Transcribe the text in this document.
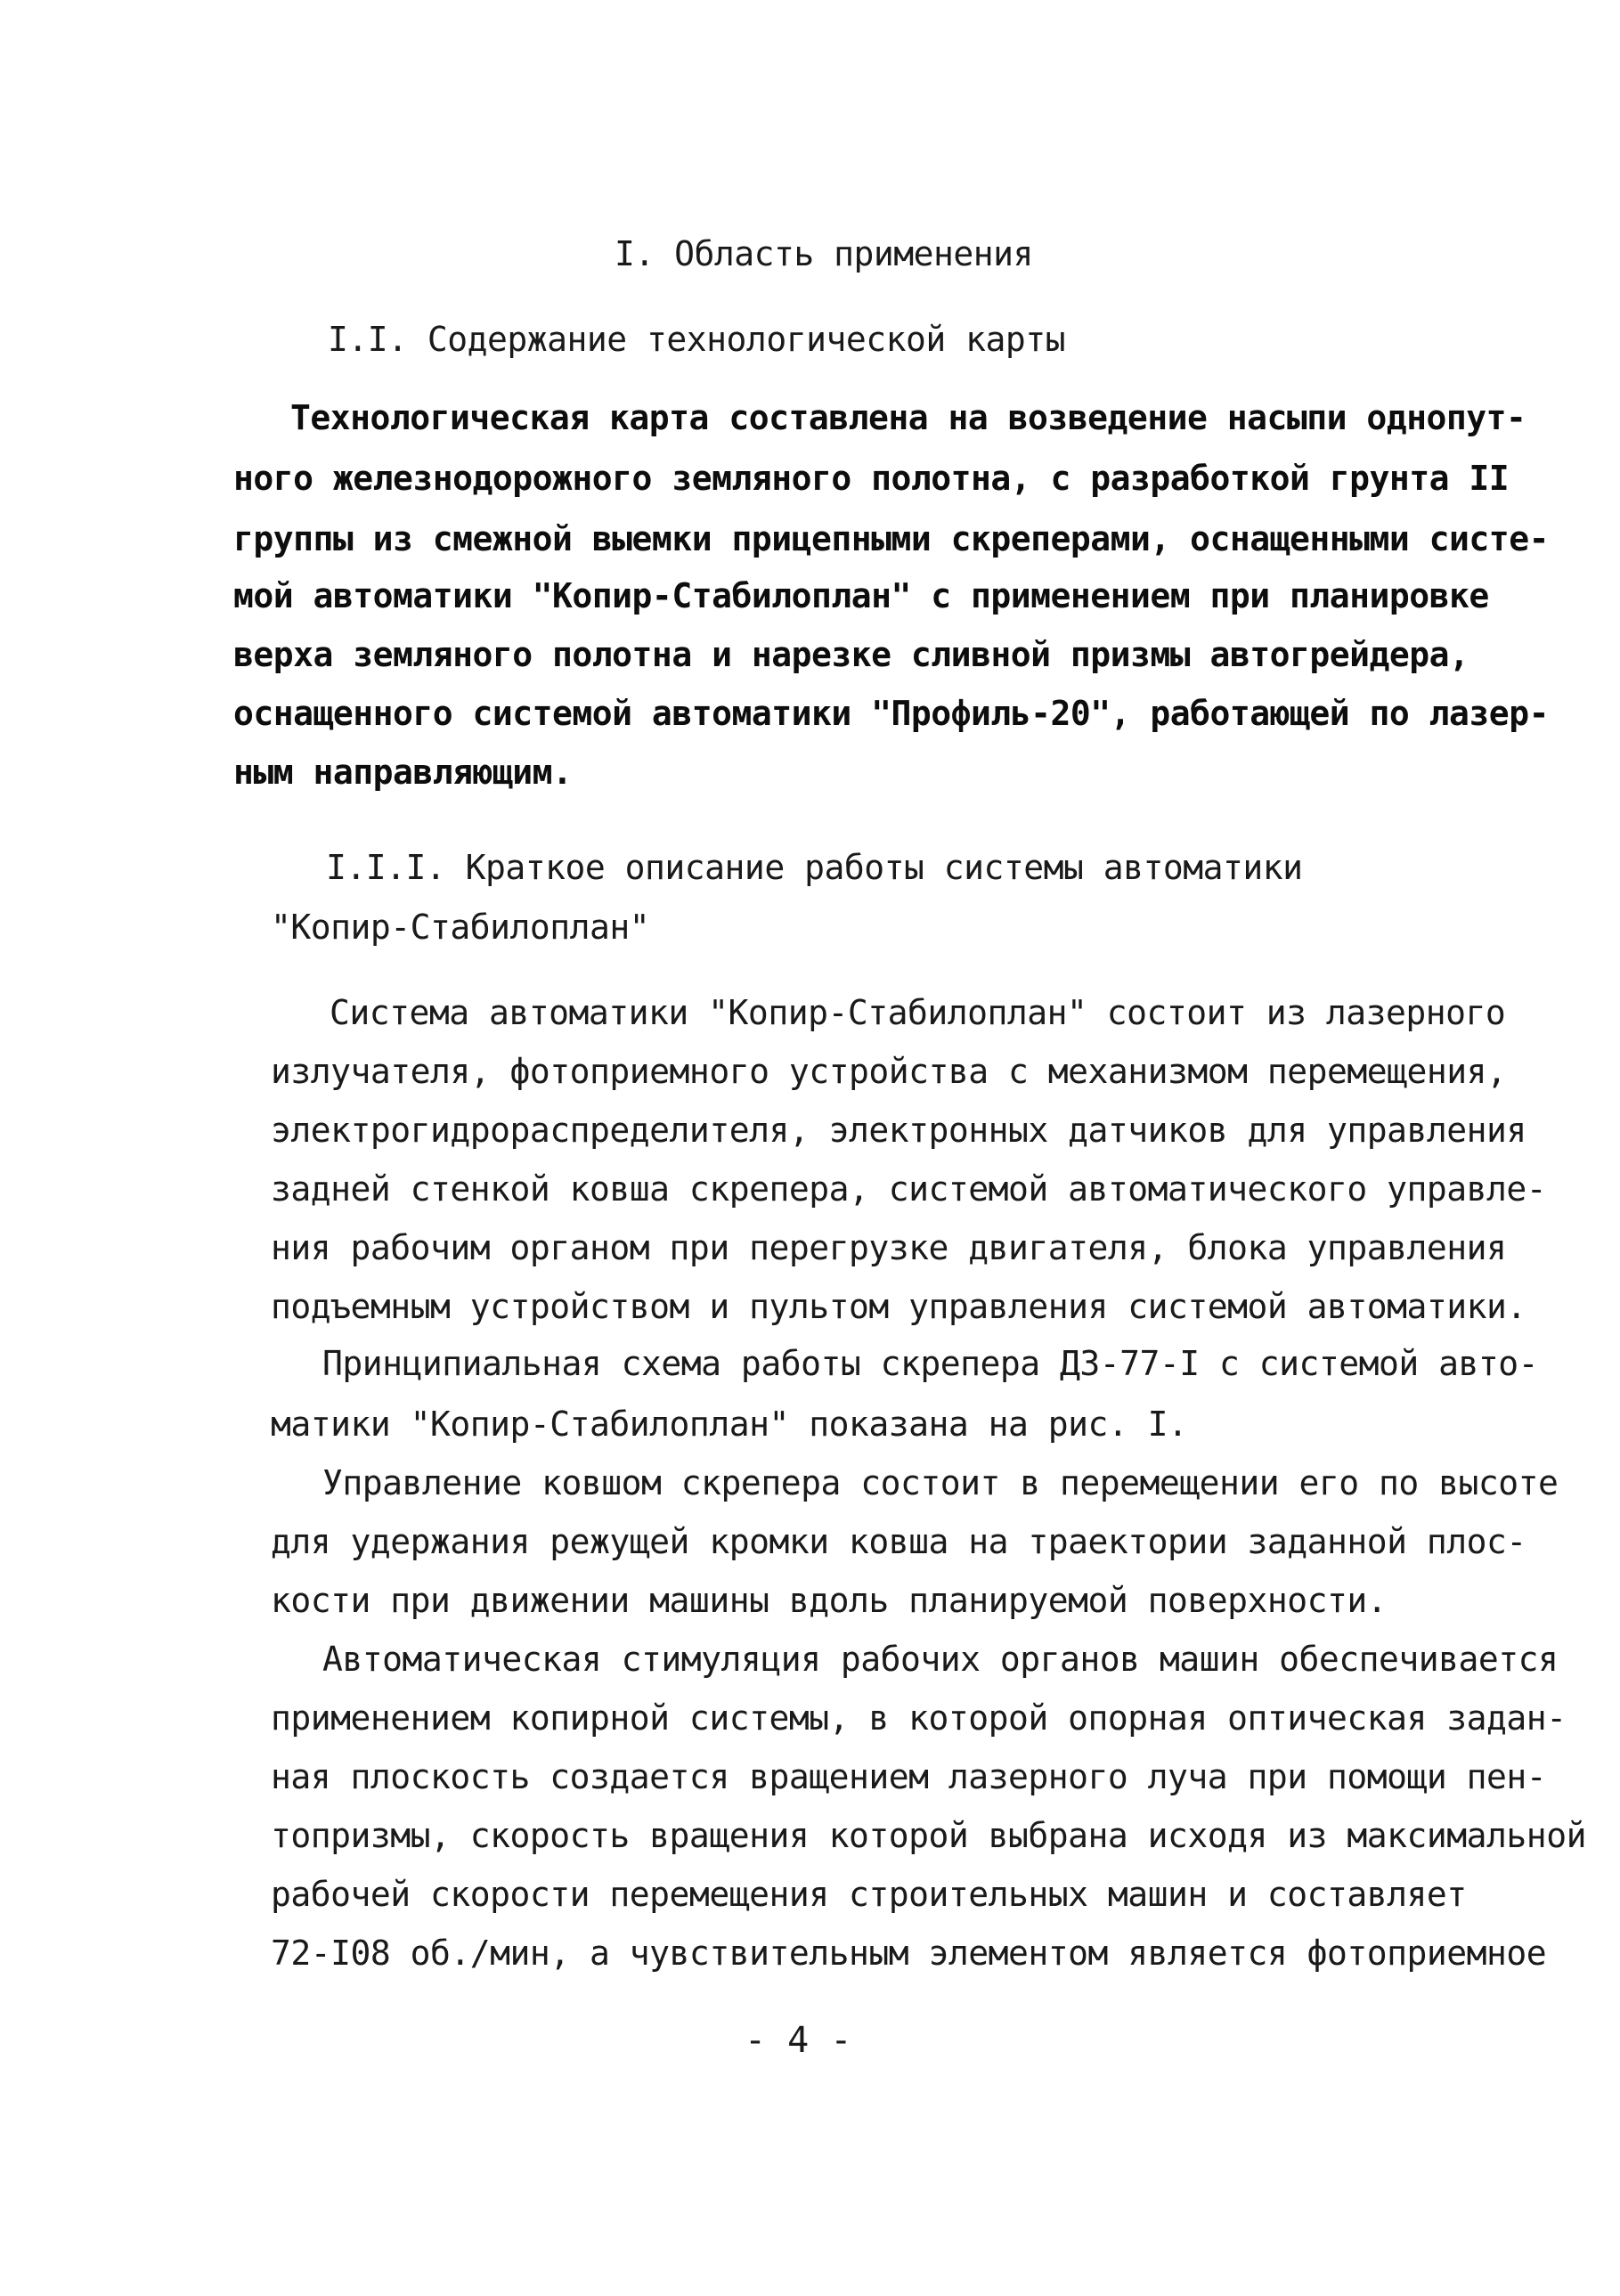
I. Область применения
I.I. Содержание технологической карты
Технологическая карта составлена на возведение насыпи однопут-
ного железнодорожного земляного полотна, с разработкой грунта II
группы из смежной выемки прицепными скреперами, оснащенными систе-
мой автоматики "Копир-Стабилоплан" с применением при планировке
верха земляного полотна и нарезке сливной призмы автогрейдера,
оснащенного системой автоматики "Профиль-20", работающей по лазер-
ным направляющим.
I.I.I. Краткое описание работы системы автоматики
"Копир-Стабилоплан"
Система автоматики "Копир-Стабилоплан" состоит из лазерного
излучателя, фотоприемного устройства с механизмом перемещения,
электрогидрораспределителя, электронных датчиков для управления
задней стенкой ковша скрепера, системой автоматического управле-
ния рабочим органом при перегрузке двигателя, блока управления
подъемным устройством и пультом управления системой автоматики.
Принципиальная схема работы скрепера ДЗ-77-I с системой авто-
матики "Копир-Стабилоплан" показана на рис. I.
Управление ковшом скрепера состоит в перемещении его по высоте
для удержания режущей кромки ковша на траектории заданной плос-
кости при движении машины вдоль планируемой поверхности.
Автоматическая стимуляция рабочих органов машин обеспечивается
применением копирной системы, в которой опорная оптическая задан-
ная плоскость создается вращением лазерного луча при помощи пен-
топризмы, скорость вращения которой выбрана исходя из максимальной
рабочей скорости перемещения строительных машин и составляет
72-I08 об./мин, а чувствительным элементом является фотоприемное
- 4 -
